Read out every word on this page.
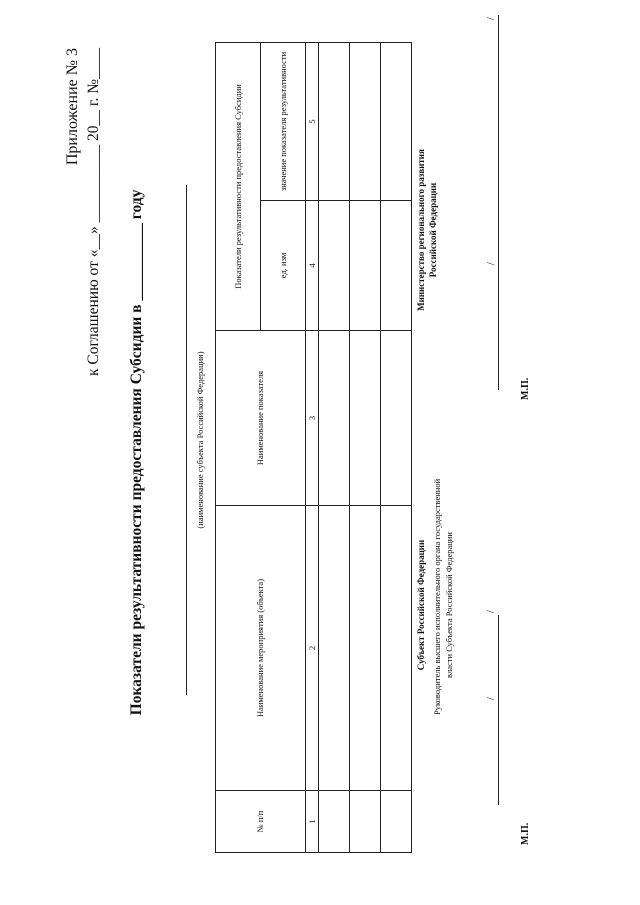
Приложение № 3 к Соглашению от «__» __________ 20__ г. №____ Показатели результативности предоставления Субсидии в __________ году	(наименование субъекта Российской Федерации)
№ п/п	Наименование мероприятия (объекта)	Наименование показателя	Показатели результативности предоставления Субсидии	
			ед. изм	значение показателя результативности
1	2	3	4	5

Субъект Российской Федерации Руководитель высшего исполнительного органа государственной власти Субъекта Российской Федерации
/
/
М.П.
Министерство регионального развития Российской Федерации	/
/
М.П.
